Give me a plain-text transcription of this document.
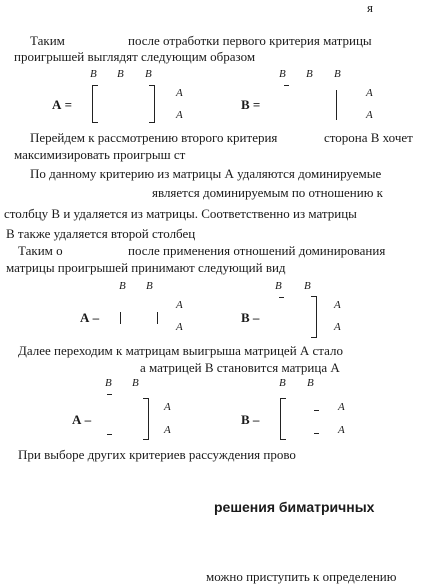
я
Таким	после отработки первого критерия матрицы
проигрышей выглядят следующим образом
В В В
А =
А
А
В В В
В =
А
А
Перейдем к рассмотрению второго критерия	сторона В хочет
максимизировать проигрыш ст
По данному критерию из матрицы А удаляются доминируемые
является доминируемым по отношению к
столбцу В и удаляется из матрицы. Соответственно из матрицы
В также удаляется второй столбец
Таким о	после применения отношений доминирования
матрицы проигрышей принимают следующий вид
В В
А –
А
А
В В
В –
А
А
Далее переходим к матрицам выигрыша матрицей А стало
а матрицей В становится матрица А
В В
А –
А
А
В В
В –
А
А
При выборе других критериев рассуждения прово
решения биматричных
можно приступить к определению
